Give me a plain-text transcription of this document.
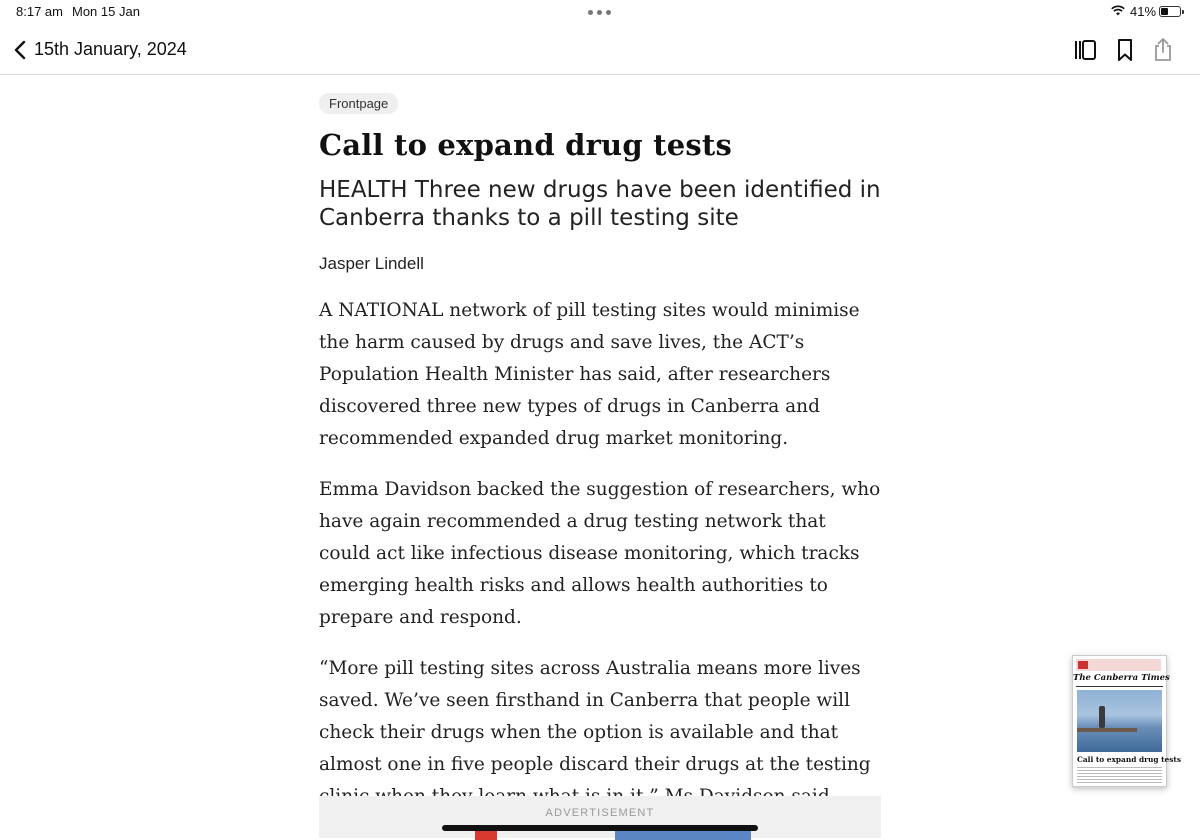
8:17 am Mon 15 Jan	41%
15th January, 2024
Frontpage
Call to expand drug tests
HEALTH Three new drugs have been identified in Canberra thanks to a pill testing site
Jasper Lindell

A NATIONAL network of pill testing sites would minimise the harm caused by drugs and save lives, the ACT’s Population Health Minister has said, after researchers discovered three new types of drugs in Canberra and recommended expanded drug market monitoring.

Emma Davidson backed the suggestion of researchers, who have again recommended a drug testing network that could act like infectious disease monitoring, which tracks emerging health risks and allows health authorities to prepare and respond.

“More pill testing sites across Australia means more lives saved. We’ve seen firsthand in Canberra that people will check their drugs when the option is available and that almost one in five people discard their drugs at the testing

ADVERTISEMENT
The Canberra Times
Call to expand drug tests
